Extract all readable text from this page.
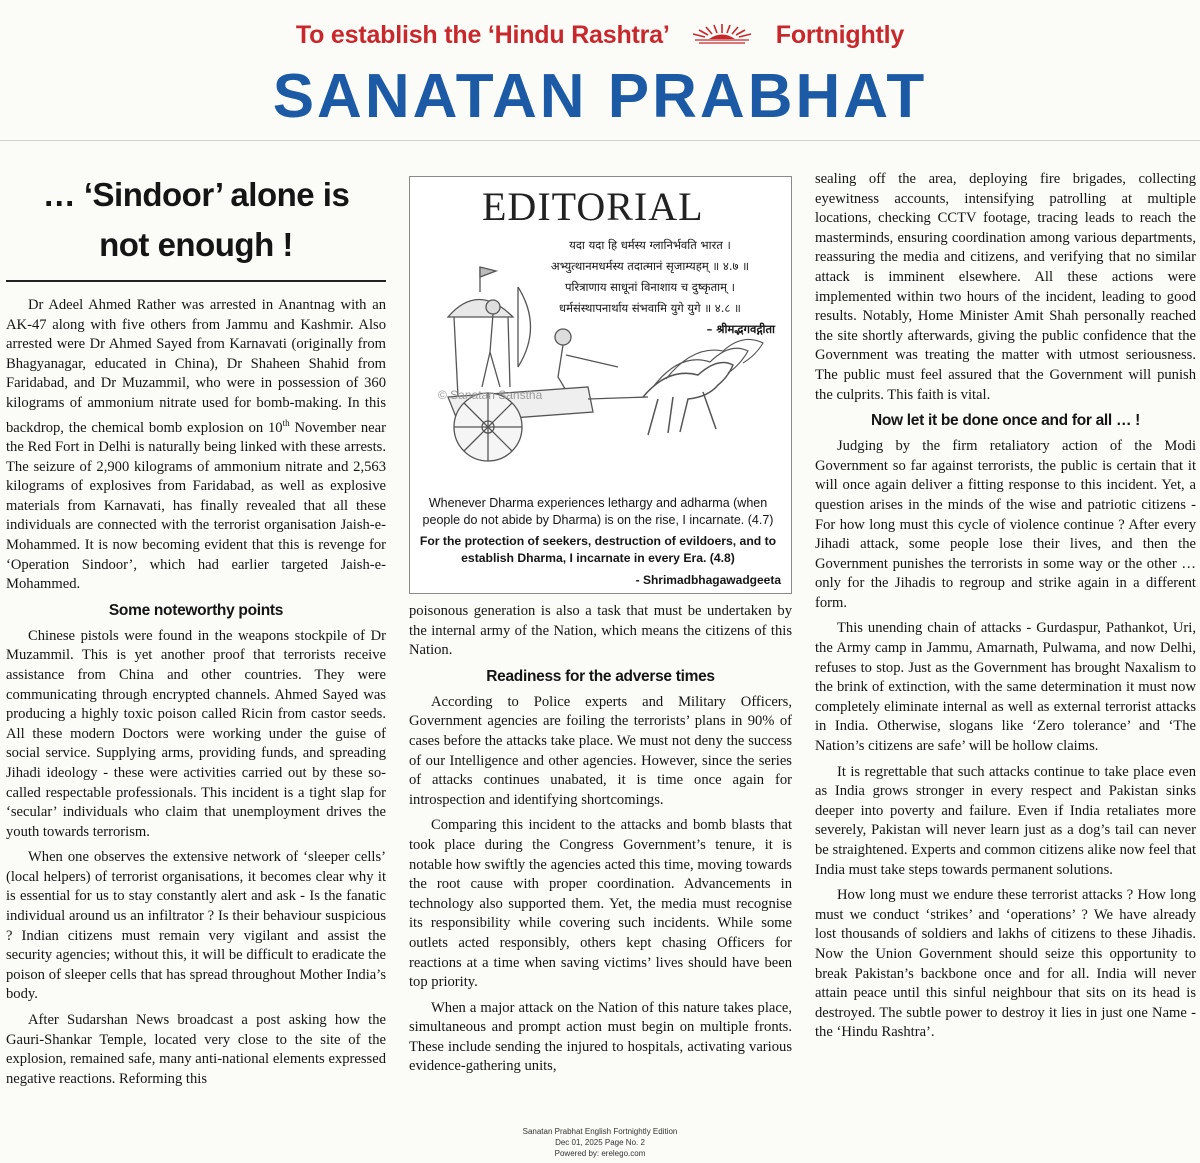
To establish the ‘Hindu Rashtra’	Fortnightly
SANATAN PRABHAT
… ‘Sindoor’ alone is
not enough !

Dr Adeel Ahmed Rather was arrested in Anantnag with an AK-47 along with five others from Jammu and Kashmir. Also arrested were Dr Ahmed Sayed from Karnavati (originally from Bhagyanagar, educated in China), Dr Shaheen Shahid from Faridabad, and Dr Muzammil, who were in possession of 360 kilograms of ammonium nitrate used for bomb-making. In this backdrop, the chemical bomb explosion on 10th November near the Red Fort in Delhi is naturally being linked with these arrests. The seizure of 2,900 kilograms of ammonium nitrate and 2,563 kilograms of explosives from Faridabad, as well as explosive materials from Karnavati, has finally revealed that all these individuals are connected with the terrorist organisation Jaish-e-Mohammed. It is now becoming evident that this is revenge for ‘Operation Sindoor’, which had earlier targeted Jaish-e-Mohammed.

Some noteworthy points

Chinese pistols were found in the weapons stockpile of Dr Muzammil. This is yet another proof that terrorists receive assistance from China and other countries. They were communicating through encrypted channels. Ahmed Sayed was producing a highly toxic poison called Ricin from castor seeds. All these modern Doctors were working under the guise of social service. Supplying arms, providing funds, and spreading Jihadi ideology - these were activities carried out by these so-called respectable professionals. This incident is a tight slap for ‘secular’ individuals who claim that unemployment drives the youth towards terrorism.

When one observes the extensive network of ‘sleeper cells’ (local helpers) of terrorist organisations, it becomes clear why it is essential for us to stay constantly alert and ask - Is the fanatic individual around us an infiltrator ? Is their behaviour suspicious ? Indian citizens must remain very vigilant and assist the security agencies; without this, it will be difficult to eradicate the poison of sleeper cells that has spread throughout Mother India’s body.

After Sudarshan News broadcast a post asking how the Gauri-Shankar Temple, located very close to the site of the explosion, remained safe, many anti-national elements expressed negative reactions. Reforming this

EDITORIAL
© Sanatan Sanstha
यदा यदा हि धर्मस्य ग्लानिर्भवति भारत ।
अभ्युत्थानमधर्मस्य तदात्मानं सृजाम्यहम् ॥ ४.७ ॥
परित्राणाय साधूनां विनाशाय च दुष्कृताम् ।
धर्मसंस्थापनार्थाय संभवामि युगे युगे ॥ ४.८ ॥
– श्रीमद्भगवद्गीता
Whenever Dharma experiences lethargy and adharma (when people do not abide by Dharma) is on the rise, I incarnate. (4.7)
For the protection of seekers, destruction of evildoers, and to establish Dharma, I incarnate in every Era. (4.8)
- Shrimadbhagawadgeeta

poisonous generation is also a task that must be undertaken by the internal army of the Nation, which means the citizens of this Nation.

Readiness for the adverse times

According to Police experts and Military Officers, Government agencies are foiling the terrorists’ plans in 90% of cases before the attacks take place. We must not deny the success of our Intelligence and other agencies. However, since the series of attacks continues unabated, it is time once again for introspection and identifying shortcomings.

Comparing this incident to the attacks and bomb blasts that took place during the Congress Government’s tenure, it is notable how swiftly the agencies acted this time, moving towards the root cause with proper coordination. Advancements in technology also supported them. Yet, the media must recognise its responsibility while covering such incidents. While some outlets acted responsibly, others kept chasing Officers for reactions at a time when saving victims’ lives should have been top priority.

When a major attack on the Nation of this nature takes place, simultaneous and prompt action must begin on multiple fronts. These include sending the injured to hospitals, activating various evidence-gathering units,

sealing off the area, deploying fire brigades, collecting eyewitness accounts, intensifying patrolling at multiple locations, checking CCTV footage, tracing leads to reach the masterminds, ensuring coordination among various departments, reassuring the media and citizens, and verifying that no similar attack is imminent elsewhere. All these actions were implemented within two hours of the incident, leading to good results. Notably, Home Minister Amit Shah personally reached the site shortly afterwards, giving the public confidence that the Government was treating the matter with utmost seriousness. The public must feel assured that the Government will punish the culprits. This faith is vital.

Now let it be done once and for all … !

Judging by the firm retaliatory action of the Modi Government so far against terrorists, the public is certain that it will once again deliver a fitting response to this incident. Yet, a question arises in the minds of the wise and patriotic citizens - For how long must this cycle of violence continue ? After every Jihadi attack, some people lose their lives, and then the Government punishes the terrorists in some way or the other … only for the Jihadis to regroup and strike again in a different form.

This unending chain of attacks - Gurdaspur, Pathankot, Uri, the Army camp in Jammu, Amarnath, Pulwama, and now Delhi, refuses to stop. Just as the Government has brought Naxalism to the brink of extinction, with the same determination it must now completely eliminate internal as well as external terrorist attacks in India. Otherwise, slogans like ‘Zero tolerance’ and ‘The Nation’s citizens are safe’ will be hollow claims.

It is regrettable that such attacks continue to take place even as India grows stronger in every respect and Pakistan sinks deeper into poverty and failure. Even if India retaliates more severely, Pakistan will never learn just as a dog’s tail can never be straightened. Experts and common citizens alike now feel that India must take steps towards permanent solutions.

How long must we endure these terrorist attacks ? How long must we conduct ‘strikes’ and ‘operations’ ? We have already lost thousands of soldiers and lakhs of citizens to these Jihadis. Now the Union Government should seize this opportunity to break Pakistan’s backbone once and for all. India will never attain peace until this sinful neighbour that sits on its head is destroyed. The subtle power to destroy it lies in just one Name - the ‘Hindu Rashtra’.

Sanatan Prabhat English Fortnightly Edition
Dec 01, 2025 Page No. 2
Powered by: erelego.com
